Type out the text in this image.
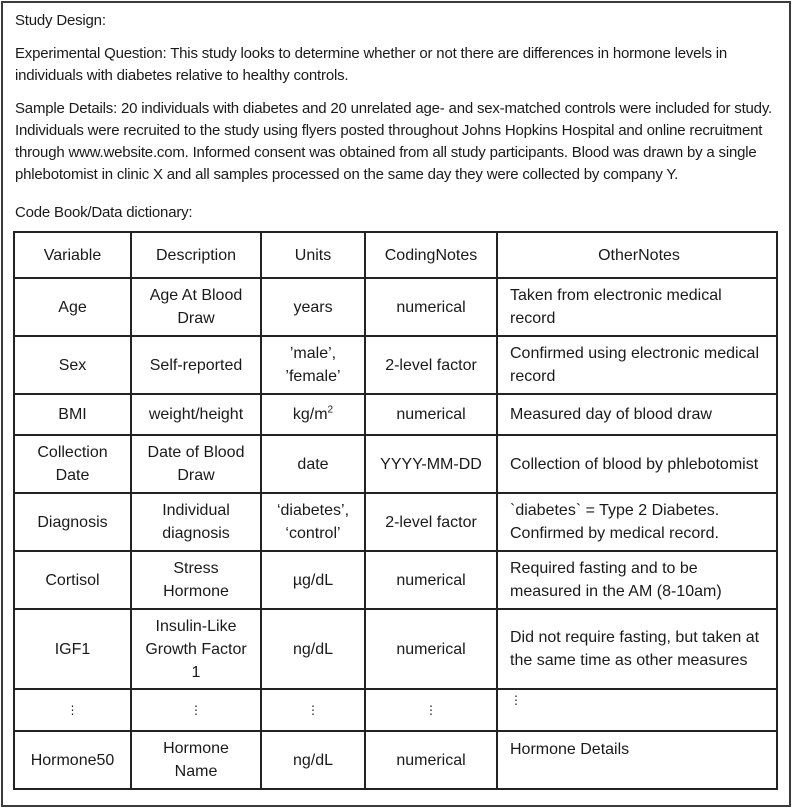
Study Design:
Experimental Question: This study looks to determine whether or not there are differences in hormone levels in individuals with diabetes relative to healthy controls.
Sample Details: 20 individuals with diabetes and 20 unrelated age- and sex-matched controls were included for study. Individuals were recruited to the study using flyers posted throughout Johns Hopkins Hospital and online recruitment through www.website.com. Informed consent was obtained from all study participants. Blood was drawn by a single phlebotomist in clinic X and all samples processed on the same day they were collected by company Y.
Code Book/Data dictionary:
Variable	Description	Units	CodingNotes	OtherNotes
Age	Age At Blood Draw	years	numerical	Taken from electronic medical record
Sex	Self-reported	’male’, ’female’	2-level factor	Confirmed using electronic medical record
BMI	weight/height	$kg/m^2$	numerical	Measured day of blood draw
Collection Date	Date of Blood Draw	date	YYYY-MM-DD	Collection of blood by phlebotomist
Diagnosis	Individual diagnosis	‘diabetes’, ‘control’	2-level factor	`diabetes` = Type 2 Diabetes. Confirmed by medical record.
Cortisol	Stress Hormone	µg/dL	numerical	Required fasting and to be measured in the AM (8-10am)
IGF1	Insulin-Like Growth Factor 1	ng/dL	numerical	Did not require fasting, but taken at the same time as other measures
⋮	⋮	⋮	⋮	⋮
Hormone50	Hormone Name	ng/dL	numerical	Hormone Details
